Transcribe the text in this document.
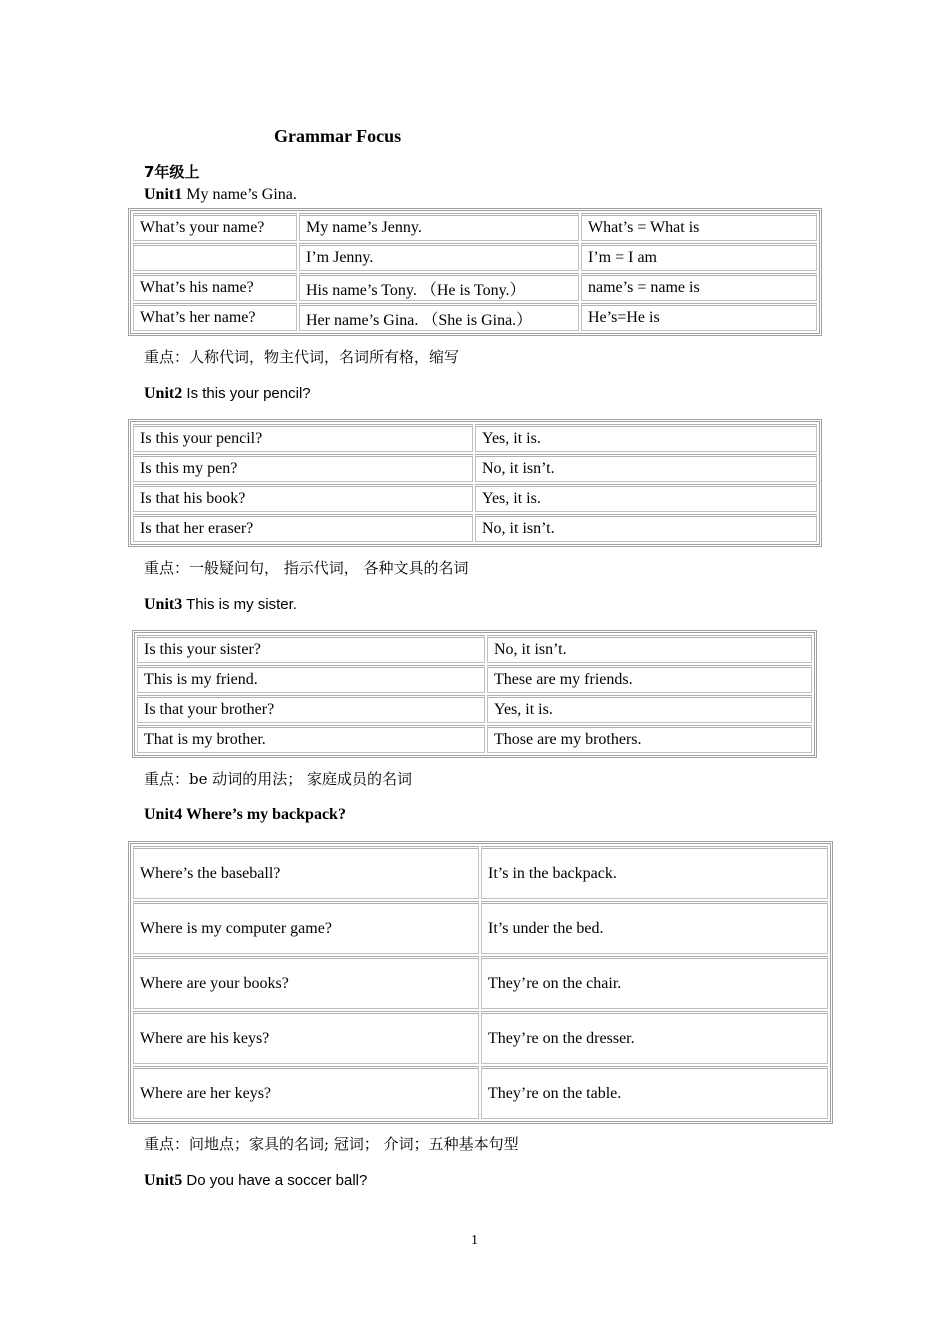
Grammar Focus
7年级上
Unit1 My name’s Gina.
What’s your name?	My name’s Jenny.	What’s = What is
	I’m Jenny.	I’m = I am
What’s his name?	His name’s Tony. （He is Tony.）	name’s = name is
What’s her name?	Her name’s Gina. （She is Gina.）	He’s=He is
重点：人称代词，物主代词，名词所有格，缩写
Unit2 Is this your pencil?
Is this your pencil?	Yes, it is.
Is this my pen?	No, it isn’t.
Is that his book?	Yes, it is.
Is that her eraser?	No, it isn’t.
重点：一般疑问句， 指示代词， 各种文具的名词
Unit3 This is my sister.
Is this your sister?	No, it isn’t.
This is my friend.	These are my friends.
Is that your brother?	Yes, it is.
That is my brother.	Those are my brothers.
重点：be 动词的用法； 家庭成员的名词
Unit4 Where’s my backpack?
Where’s the baseball?	It’s in the backpack.
Where is my computer game?	It’s under the bed.
Where are your books?	They’re on the chair.
Where are his keys?	They’re on the dresser.
Where are her keys?	They’re on the table.
重点：问地点；家具的名词; 冠词； 介词；五种基本句型
Unit5 Do you have a soccer ball?
1
